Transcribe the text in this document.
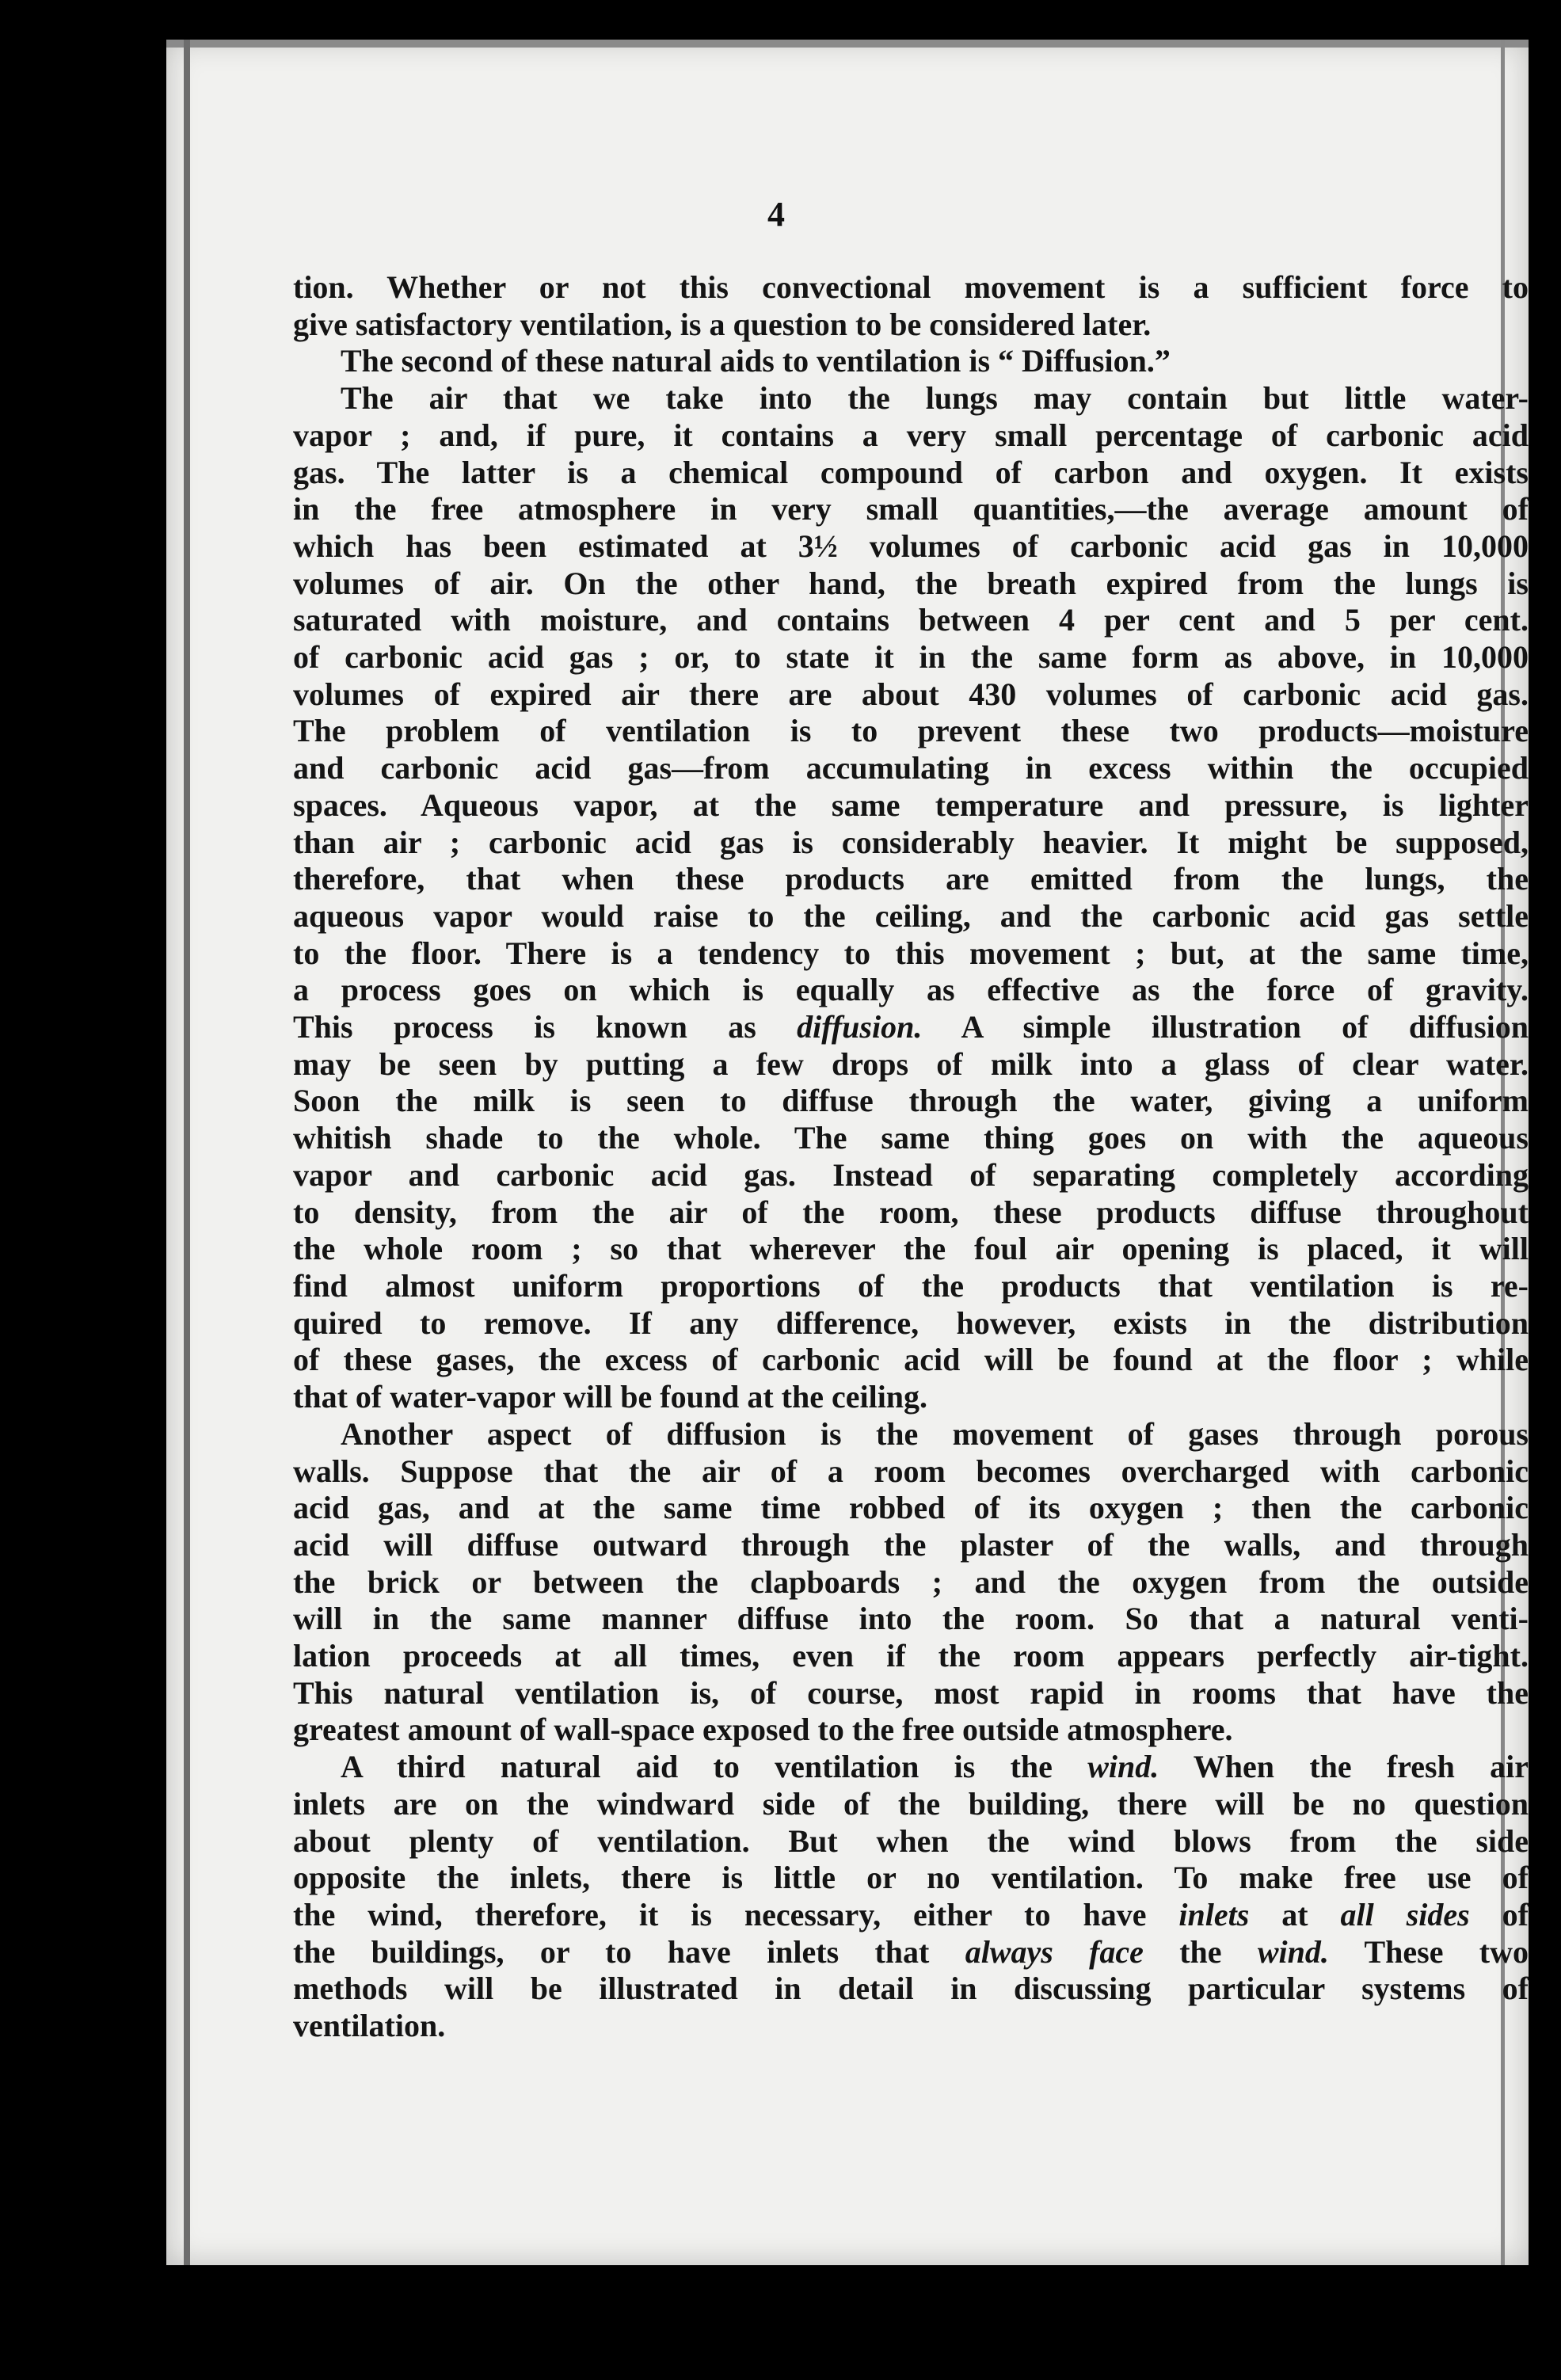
4
tion. Whether or not this convectional movement is a sufficient force to
give satisfactory ventilation, is a question to be considered later.
The second of these natural aids to ventilation is “ Diffusion.”
The air that we take into the lungs may contain but little water-
vapor ; and, if pure, it contains a very small percentage of carbonic acid
gas. The latter is a chemical compound of carbon and oxygen. It exists
in the free atmosphere in very small quantities,—the average amount of
which has been estimated at 3½ volumes of carbonic acid gas in 10,000
volumes of air. On the other hand, the breath expired from the lungs is
saturated with moisture, and contains between 4 per cent and 5 per cent.
of carbonic acid gas ; or, to state it in the same form as above, in 10,000
volumes of expired air there are about 430 volumes of carbonic acid gas.
The problem of ventilation is to prevent these two products—moisture
and carbonic acid gas—from accumulating in excess within the occupied
spaces. Aqueous vapor, at the same temperature and pressure, is lighter
than air ; carbonic acid gas is considerably heavier. It might be supposed,
therefore, that when these products are emitted from the lungs, the
aqueous vapor would raise to the ceiling, and the carbonic acid gas settle
to the floor. There is a tendency to this movement ; but, at the same time,
a process goes on which is equally as effective as the force of gravity.
This process is known as diffusion. A simple illustration of diffusion
may be seen by putting a few drops of milk into a glass of clear water.
Soon the milk is seen to diffuse through the water, giving a uniform
whitish shade to the whole. The same thing goes on with the aqueous
vapor and carbonic acid gas. Instead of separating completely according
to density, from the air of the room, these products diffuse throughout
the whole room ; so that wherever the foul air opening is placed, it will
find almost uniform proportions of the products that ventilation is re-
quired to remove. If any difference, however, exists in the distribution
of these gases, the excess of carbonic acid will be found at the floor ; while
that of water-vapor will be found at the ceiling.
Another aspect of diffusion is the movement of gases through porous
walls. Suppose that the air of a room becomes overcharged with carbonic
acid gas, and at the same time robbed of its oxygen ; then the carbonic
acid will diffuse outward through the plaster of the walls, and through
the brick or between the clapboards ; and the oxygen from the outside
will in the same manner diffuse into the room. So that a natural venti-
lation proceeds at all times, even if the room appears perfectly air-tight.
This natural ventilation is, of course, most rapid in rooms that have the
greatest amount of wall-space exposed to the free outside atmosphere.
A third natural aid to ventilation is the wind. When the fresh air
inlets are on the windward side of the building, there will be no question
about plenty of ventilation. But when the wind blows from the side
opposite the inlets, there is little or no ventilation. To make free use of
the wind, therefore, it is necessary, either to have inlets at all sides of
the buildings, or to have inlets that always face the wind. These two
methods will be illustrated in detail in discussing particular systems of
ventilation.
